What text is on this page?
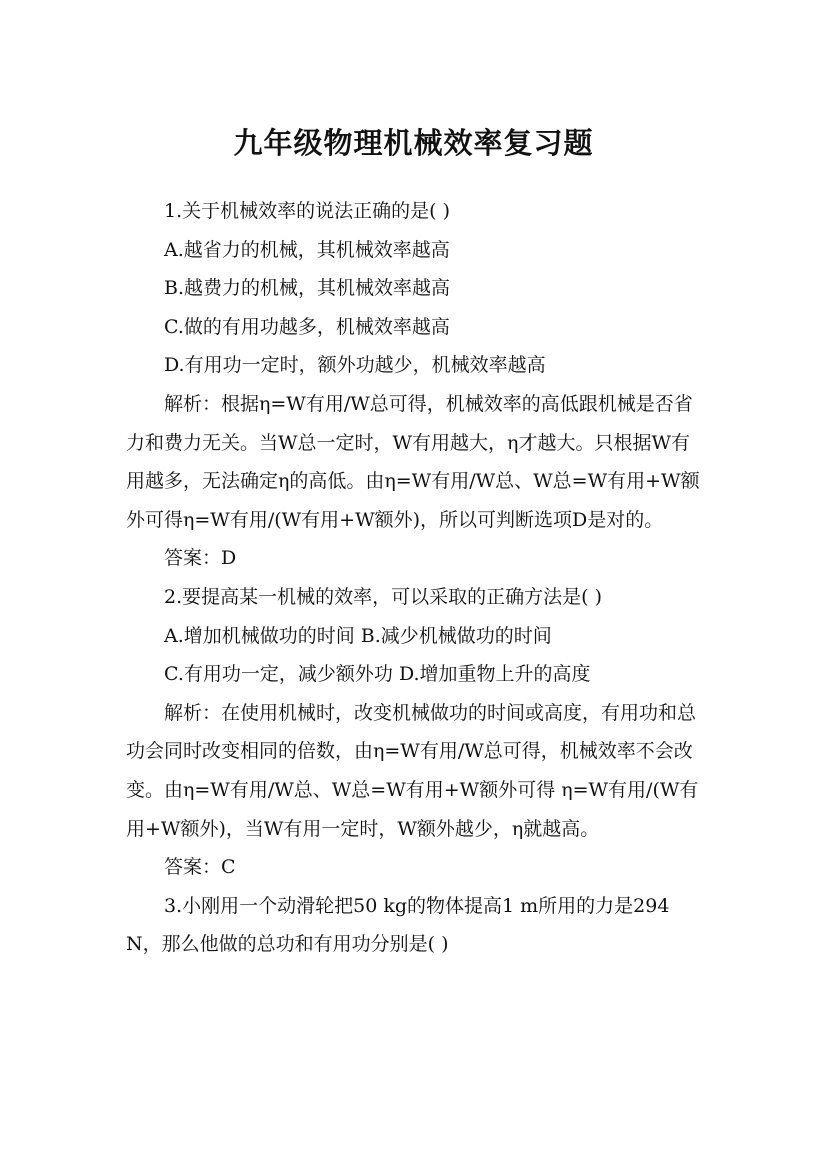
九年级物理机械效率复习题

1.关于机械效率的说法正确的是( )

A.越省力的机械，其机械效率越高

B.越费力的机械，其机械效率越高

C.做的有用功越多，机械效率越高

D.有用功一定时，额外功越少，机械效率越高

解析：根据η=W有用/W总可得，机械效率的高低跟机械是否省力和费力无关。当W总一定时，W有用越大，η才越大。只根据W有用越多，无法确定η的高低。由η=W有用/W总、W总=W有用+W额外可得η=W有用/(W有用+W额外)，所以可判断选项D是对的。

答案：D

2.要提高某一机械的效率，可以采取的正确方法是( )

A.增加机械做功的时间 B.减少机械做功的时间

C.有用功一定，减少额外功 D.增加重物上升的高度

解析：在使用机械时，改变机械做功的时间或高度，有用功和总功会同时改变相同的倍数，由η=W有用/W总可得，机械效率不会改变。由η=W有用/W总、W总=W有用+W额外可得 η=W有用/(W有用+W额外)，当W有用一定时，W额外越少，η就越高。

答案：C

3.小刚用一个动滑轮把50 kg的物体提高1 m所用的力是294 N，那么他做的总功和有用功分别是( )
